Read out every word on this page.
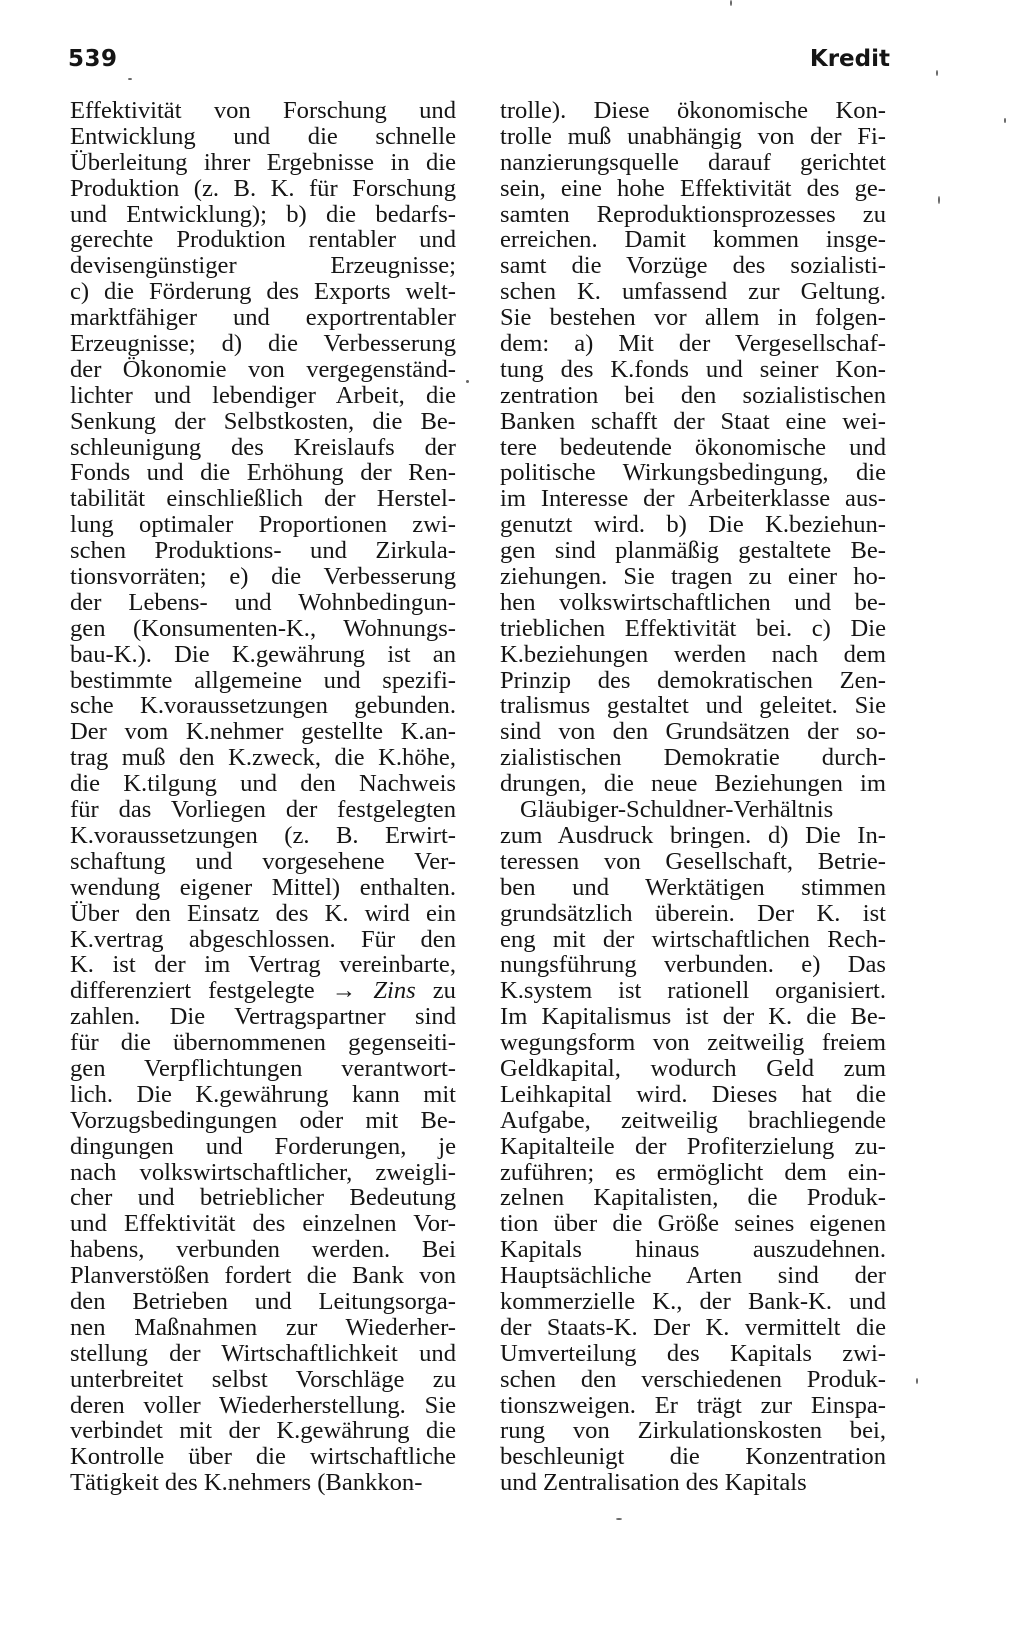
539	Kredit
Effektivität von Forschung und
Entwicklung und die schnelle
Überleitung ihrer Ergebnisse in die
Produktion (z. B. K. für Forschung
und Entwicklung); b) die bedarfs-
gerechte Produktion rentabler und
devisengünstiger Erzeugnisse;
c) die Förderung des Exports welt-
marktfähiger und exportrentabler
Erzeugnisse; d) die Verbesserung
der Ökonomie von vergegenständ-
lichter und lebendiger Arbeit, die
Senkung der Selbstkosten, die Be-
schleunigung des Kreislaufs der
Fonds und die Erhöhung der Ren-
tabilität einschließlich der Herstel-
lung optimaler Proportionen zwi-
schen Produktions- und Zirkula-
tionsvorräten; e) die Verbesserung
der Lebens- und Wohnbedingun-
gen (Konsumenten-K., Wohnungs-
bau-K.). Die K.gewährung ist an
bestimmte allgemeine und spezifi-
sche K.voraussetzungen gebunden.
Der vom K.nehmer gestellte K.an-
trag muß den K.zweck, die K.höhe,
die K.tilgung und den Nachweis
für das Vorliegen der festgelegten
K.voraussetzungen (z. B. Erwirt-
schaftung und vorgesehene Ver-
wendung eigener Mittel) enthalten.
Über den Einsatz des K. wird ein
K.vertrag abgeschlossen. Für den
K. ist der im Vertrag vereinbarte,
differenziert festgelegte → Zins zu
zahlen. Die Vertragspartner sind
für die übernommenen gegenseiti-
gen Verpflichtungen verantwort-
lich. Die K.gewährung kann mit
Vorzugsbedingungen oder mit Be-
dingungen und Forderungen, je
nach volkswirtschaftlicher, zweigli-
cher und betrieblicher Bedeutung
und Effektivität des einzelnen Vor-
habens, verbunden werden. Bei
Planverstößen fordert die Bank von
den Betrieben und Leitungsorga-
nen Maßnahmen zur Wiederher-
stellung der Wirtschaftlichkeit und
unterbreitet selbst Vorschläge zu
deren voller Wiederherstellung. Sie
verbindet mit der K.gewährung die
Kontrolle über die wirtschaftliche
Tätigkeit des K.nehmers (Bankkon-
trolle). Diese ökonomische Kon-
trolle muß unabhängig von der Fi-
nanzierungsquelle darauf gerichtet
sein, eine hohe Effektivität des ge-
samten Reproduktionsprozesses zu
erreichen. Damit kommen insge-
samt die Vorzüge des sozialisti-
schen K. umfassend zur Geltung.
Sie bestehen vor allem in folgen-
dem: a) Mit der Vergesellschaf-
tung des K.fonds und seiner Kon-
zentration bei den sozialistischen
Banken schafft der Staat eine wei-
tere bedeutende ökonomische und
politische Wirkungsbedingung, die
im Interesse der Arbeiterklasse aus-
genutzt wird. b) Die K.beziehun-
gen sind planmäßig gestaltete Be-
ziehungen. Sie tragen zu einer ho-
hen volkswirtschaftlichen und be-
trieblichen Effektivität bei. c) Die
K.beziehungen werden nach dem
Prinzip des demokratischen Zen-
tralismus gestaltet und geleitet. Sie
sind von den Grundsätzen der so-
zialistischen Demokratie durch-
drungen, die neue Beziehungen im
Gläubiger-Schuldner-Verhältnis
zum Ausdruck bringen. d) Die In-
teressen von Gesellschaft, Betrie-
ben und Werktätigen stimmen
grundsätzlich überein. Der K. ist
eng mit der wirtschaftlichen Rech-
nungsführung verbunden. e) Das
K.system ist rationell organisiert.
Im Kapitalismus ist der K. die Be-
wegungsform von zeitweilig freiem
Geldkapital, wodurch Geld zum
Leihkapital wird. Dieses hat die
Aufgabe, zeitweilig brachliegende
Kapitalteile der Profiterzielung zu-
zuführen; es ermöglicht dem ein-
zelnen Kapitalisten, die Produk-
tion über die Größe seines eigenen
Kapitals hinaus auszudehnen.
Hauptsächliche Arten sind der
kommerzielle K., der Bank-K. und
der Staats-K. Der K. vermittelt die
Umverteilung des Kapitals zwi-
schen den verschiedenen Produk-
tionszweigen. Er trägt zur Einspa-
rung von Zirkulationskosten bei,
beschleunigt die Konzentration
und Zentralisation des Kapitals
